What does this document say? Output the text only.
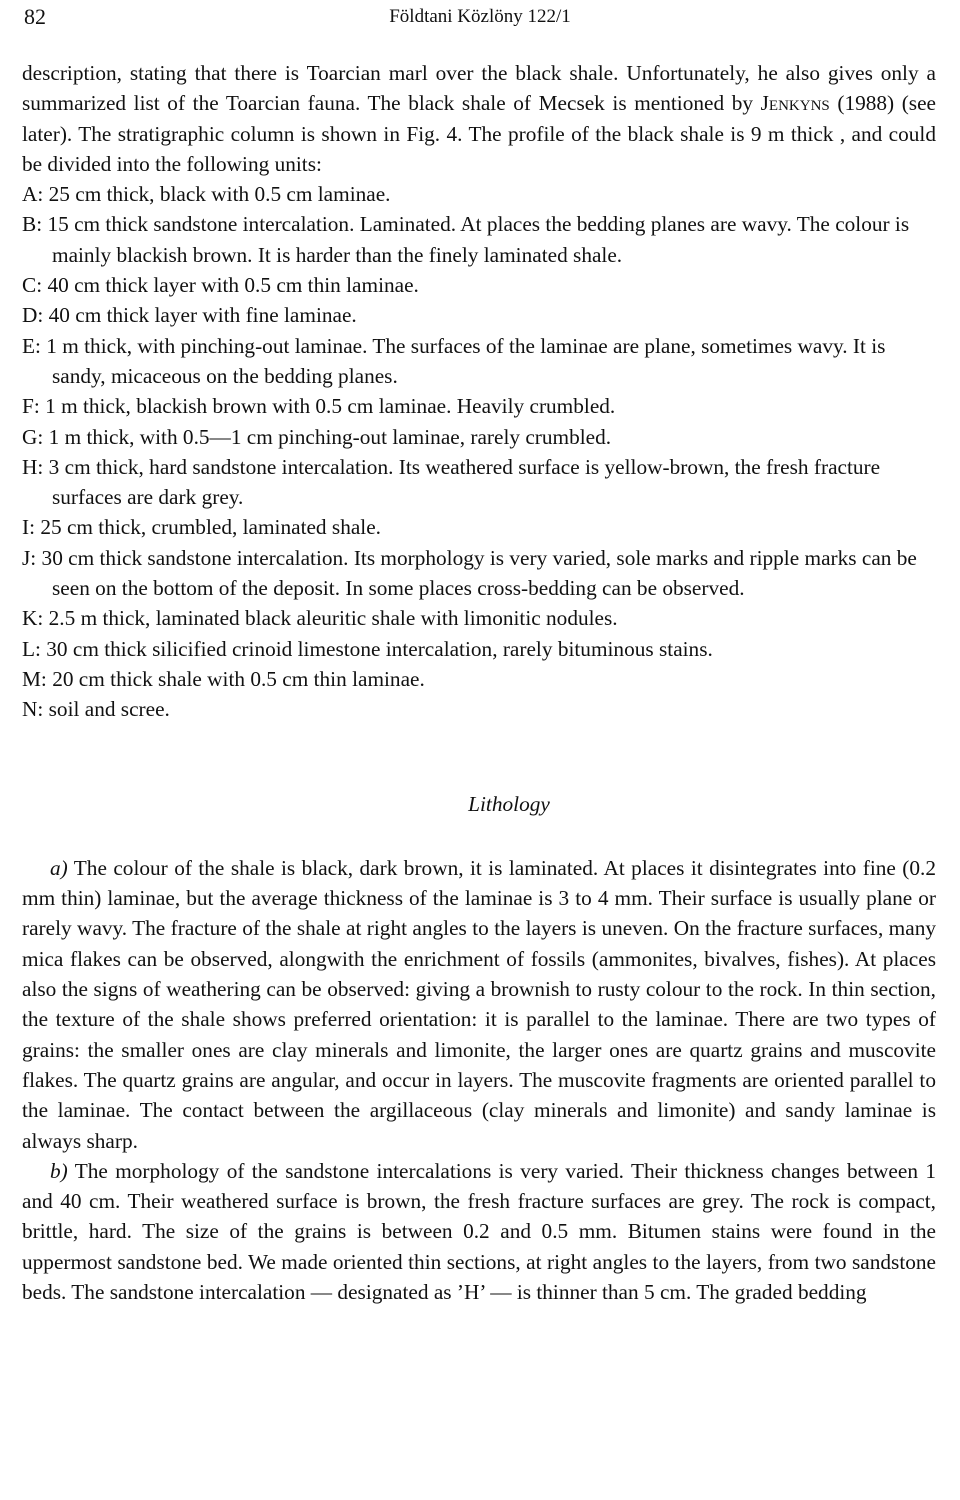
82	Földtani Közlöny 122/1

description, stating that there is Toarcian marl over the black shale. Unfortunately, he also gives only a summarized list of the Toarcian fauna. The black shale of Mecsek is mentioned by Jenkyns (1988) (see later). The stratigraphic column is shown in Fig. 4. The profile of the black shale is 9 m thick , and could be divided into the following units:

A: 25 cm thick, black with 0.5 cm laminae.
B: 15 cm thick sandstone intercalation. Laminated. At places the bedding planes are wavy. The colour is mainly blackish brown. It is harder than the finely laminated shale.
C: 40 cm thick layer with 0.5 cm thin laminae.
D: 40 cm thick layer with fine laminae.
E: 1 m thick, with pinching-out laminae. The surfaces of the laminae are plane, sometimes wavy. It is sandy, micaceous on the bedding planes.
F: 1 m thick, blackish brown with 0.5 cm laminae. Heavily crumbled.
G: 1 m thick, with 0.5—1 cm pinching-out laminae, rarely crumbled.
H: 3 cm thick, hard sandstone intercalation. Its weathered surface is yellow-brown, the fresh fracture surfaces are dark grey.
I: 25 cm thick, crumbled, laminated shale.
J: 30 cm thick sandstone intercalation. Its morphology is very varied, sole marks and ripple marks can be seen on the bottom of the deposit. In some places cross-bedding can be observed.
K: 2.5 m thick, laminated black aleuritic shale with limonitic nodules.
L: 30 cm thick silicified crinoid limestone intercalation, rarely bituminous stains.
M: 20 cm thick shale with 0.5 cm thin laminae.
N: soil and scree.
Lithology

a) The colour of the shale is black, dark brown, it is laminated. At places it disintegrates into fine (0.2 mm thin) laminae, but the average thickness of the laminae is 3 to 4 mm. Their surface is usually plane or rarely wavy. The fracture of the shale at right angles to the layers is uneven. On the fracture surfaces, many mica flakes can be observed, alongwith the enrichment of fossils (ammonites, bivalves, fishes). At places also the signs of weathering can be observed: giving a brownish to rusty colour to the rock. In thin section, the texture of the shale shows preferred orientation: it is parallel to the laminae. There are two types of grains: the smaller ones are clay minerals and limonite, the larger ones are quartz grains and muscovite flakes. The quartz grains are angular, and occur in layers. The muscovite fragments are oriented parallel to the laminae. The contact between the argillaceous (clay minerals and limonite) and sandy laminae is always sharp.

b) The morphology of the sandstone intercalations is very varied. Their thickness changes between 1 and 40 cm. Their weathered surface is brown, the fresh fracture surfaces are grey. The rock is compact, brittle, hard. The size of the grains is between 0.2 and 0.5 mm. Bitumen stains were found in the uppermost sandstone bed. We made oriented thin sections, at right angles to the layers, from two sandstone beds. The sandstone intercalation — designated as ’H’ — is thinner than 5 cm. The graded bedding
